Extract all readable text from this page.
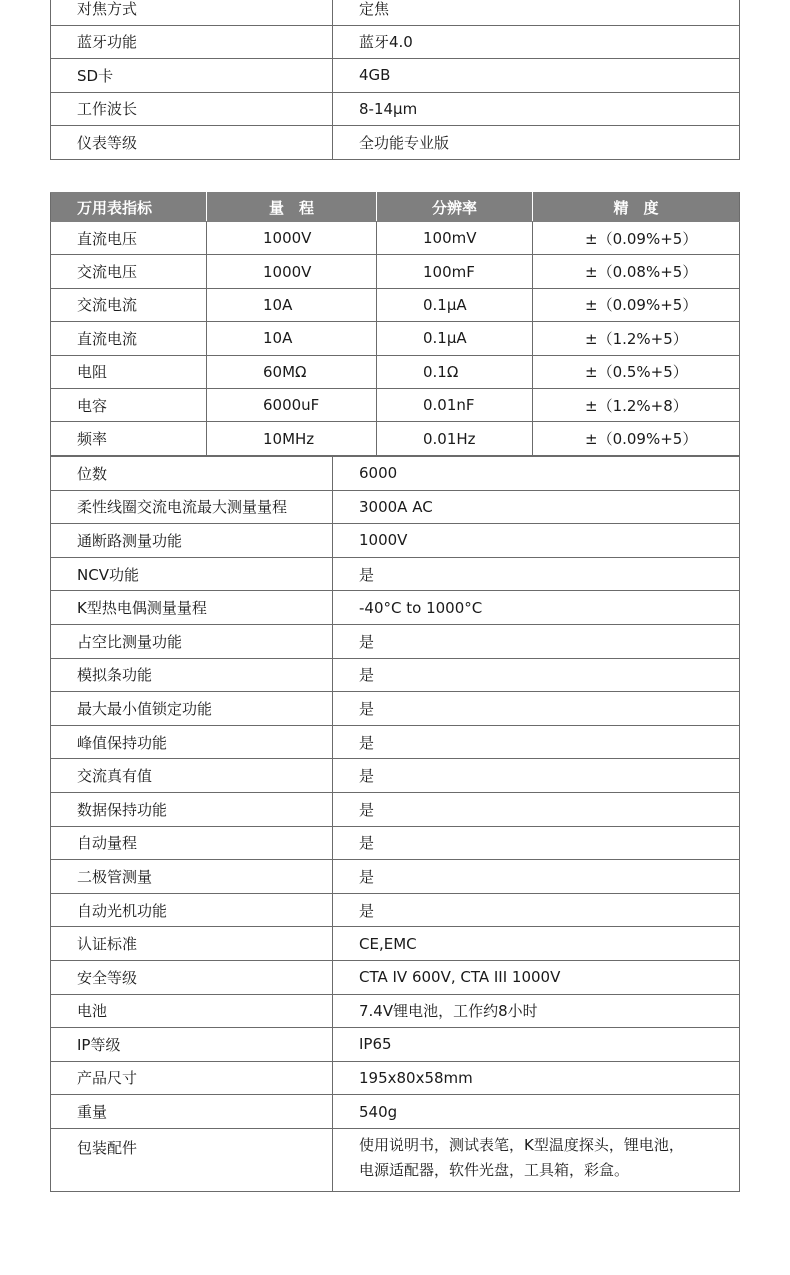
对焦方式	定焦
蓝牙功能	蓝牙4.0
SD卡	4GB
工作波长	8-14μm
仪表等级	全功能专业版
万用表指标	量　程	分辨率	精　度
直流电压	1000V	100mV	±（0.09%+5）
交流电压	1000V	100mF	±（0.08%+5）
交流电流	10A	0.1μA	±（0.09%+5）
直流电流	10A	0.1μA	±（1.2%+5）
电阻	60MΩ	0.1Ω	±（0.5%+5）
电容	6000uF	0.01nF	±（1.2%+8）
频率	10MHz	0.01Hz	±（0.09%+5）
位数	6000
柔性线圈交流电流最大测量量程	3000A AC
通断路测量功能	1000V
NCV功能	是
K型热电偶测量量程	-40°C to 1000°C
占空比测量功能	是
模拟条功能	是
最大最小值锁定功能	是
峰值保持功能	是
交流真有值	是
数据保持功能	是
自动量程	是
二极管测量	是
自动光机功能	是
认证标准	CE,EMC
安全等级	CTA IV 600V, CTA III 1000V
电池	7.4V锂电池，工作约8小时
IP等级	IP65
产品尺寸	195x80x58mm
重量	540g
包装配件	使用说明书，测试表笔，K型温度探头，锂电池，
电源适配器，软件光盘，工具箱，彩盒。
